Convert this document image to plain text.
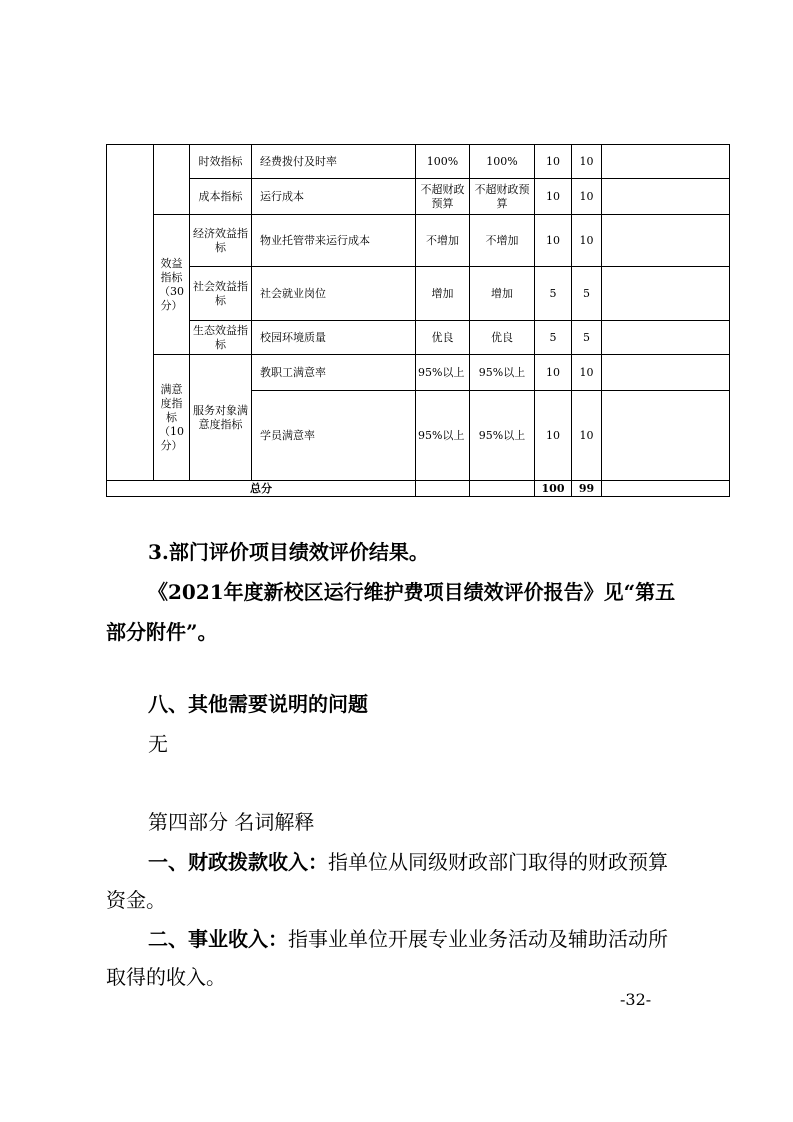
		时效指标	经费拨付及时率	100%	100%	10	10	
		成本指标	运行成本	不超财政预算	不超财政预算	10	10	
	效益指标（30分）	经济效益指标	物业托管带来运行成本	不增加	不增加	10	10	
		社会效益指标	社会就业岗位	增加	增加	5	5	
		生态效益指标	校园环境质量	优良	优良	5	5	
	满意度指标（10分）	服务对象满意度指标	教职工满意率	95%以上	95%以上	10	10	
			学员满意率	95%以上	95%以上	10	10	
总分						100	99	

3.部门评价项目绩效评价结果。

《2021年度新校区运行维护费项目绩效评价报告》见“第五

部分附件”。

八、其他需要说明的问题

无

第四部分 名词解释

一、财政拨款收入：指单位从同级财政部门取得的财政预算

资金。

二、事业收入：指事业单位开展专业业务活动及辅助活动所

取得的收入。

-32-
